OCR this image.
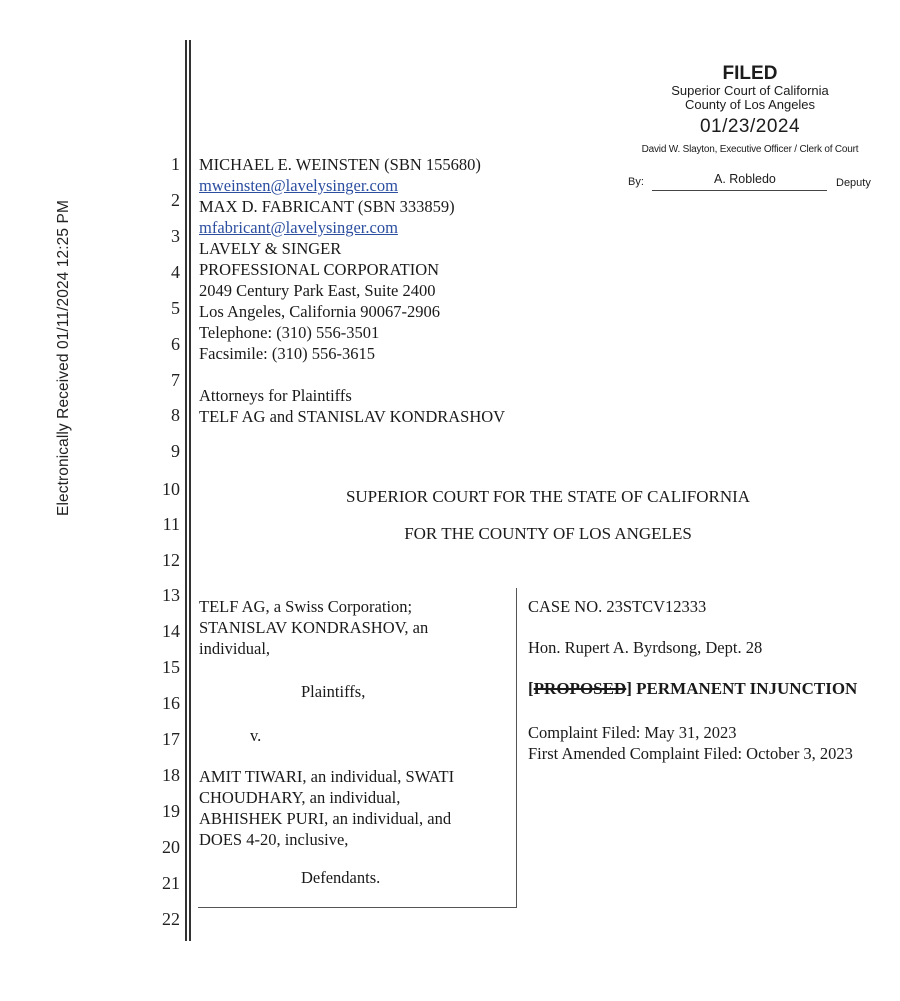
Electronically Received 01/11/2024 12:25 PM
1
2
3
4
5
6
7
8
9
10
11
12
13
14
15
16
17
18
19
20
21
22
FILED
Superior Court of California
County of Los Angeles
01/23/2024
David W. Slayton, Executive Officer / Clerk of Court
By:	A. Robledo	Deputy
MICHAEL E. WEINSTEN (SBN 155680)
mweinsten@lavelysinger.com
MAX D. FABRICANT (SBN 333859)
mfabricant@lavelysinger.com
LAVELY & SINGER
PROFESSIONAL CORPORATION
2049 Century Park East, Suite 2400
Los Angeles, California 90067-2906
Telephone: (310) 556-3501
Facsimile: (310) 556-3615
Attorneys for Plaintiffs
TELF AG and STANISLAV KONDRASHOV
SUPERIOR COURT FOR THE STATE OF CALIFORNIA
FOR THE COUNTY OF LOS ANGELES
TELF AG, a Swiss Corporation;
STANISLAV KONDRASHOV, an
individual,
Plaintiffs,
v.
AMIT TIWARI, an individual, SWATI
CHOUDHARY, an individual,
ABHISHEK PURI, an individual, and
DOES 4-20, inclusive,
Defendants.
CASE NO. 23STCV12333
Hon. Rupert A. Byrdsong, Dept. 28
[PROPOSED] PERMANENT INJUNCTION
Complaint Filed: May 31, 2023
First Amended Complaint Filed: October 3, 2023
